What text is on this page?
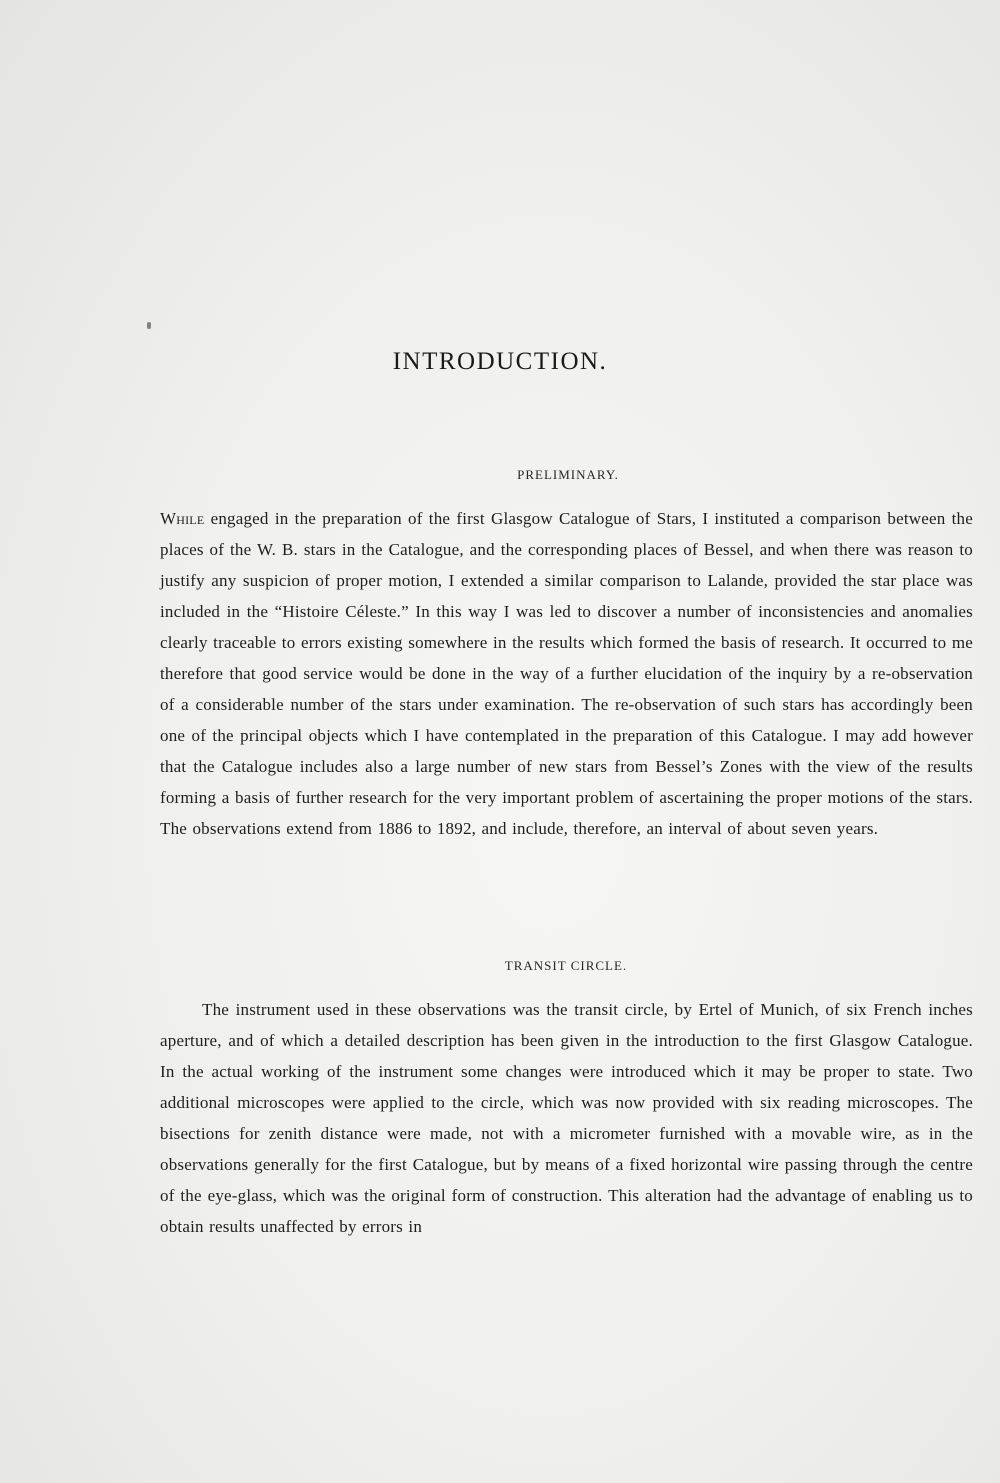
INTRODUCTION.
PRELIMINARY.

While engaged in the preparation of the first Glasgow Catalogue of Stars, I instituted a comparison between the places of the W. B. stars in the Catalogue, and the corresponding places of Bessel, and when there was reason to justify any suspicion of proper motion, I extended a similar comparison to Lalande, provided the star place was included in the “Histoire Céleste.” In this way I was led to discover a number of inconsistencies and anomalies clearly traceable to errors existing somewhere in the results which formed the basis of research. It occurred to me therefore that good service would be done in the way of a further elucidation of the inquiry by a re-observation of a considerable number of the stars under examination. The re-observation of such stars has accordingly been one of the principal objects which I have contemplated in the preparation of this Catalogue. I may add however that the Catalogue includes also a large number of new stars from Bessel’s Zones with the view of the results forming a basis of further research for the very important problem of ascertaining the proper motions of the stars. The observations extend from 1886 to 1892, and include, therefore, an interval of about seven years.

TRANSIT CIRCLE.

The instrument used in these observations was the transit circle, by Ertel of Munich, of six French inches aperture, and of which a detailed description has been given in the introduction to the first Glasgow Catalogue. In the actual working of the instrument some changes were introduced which it may be proper to state. Two additional microscopes were applied to the circle, which was now provided with six reading microscopes. The bisections for zenith distance were made, not with a micrometer furnished with a movable wire, as in the observations generally for the first Catalogue, but by means of a fixed horizontal wire passing through the centre of the eye-glass, which was the original form of construction. This alteration had the advantage of enabling us to obtain results unaffected by errors in
